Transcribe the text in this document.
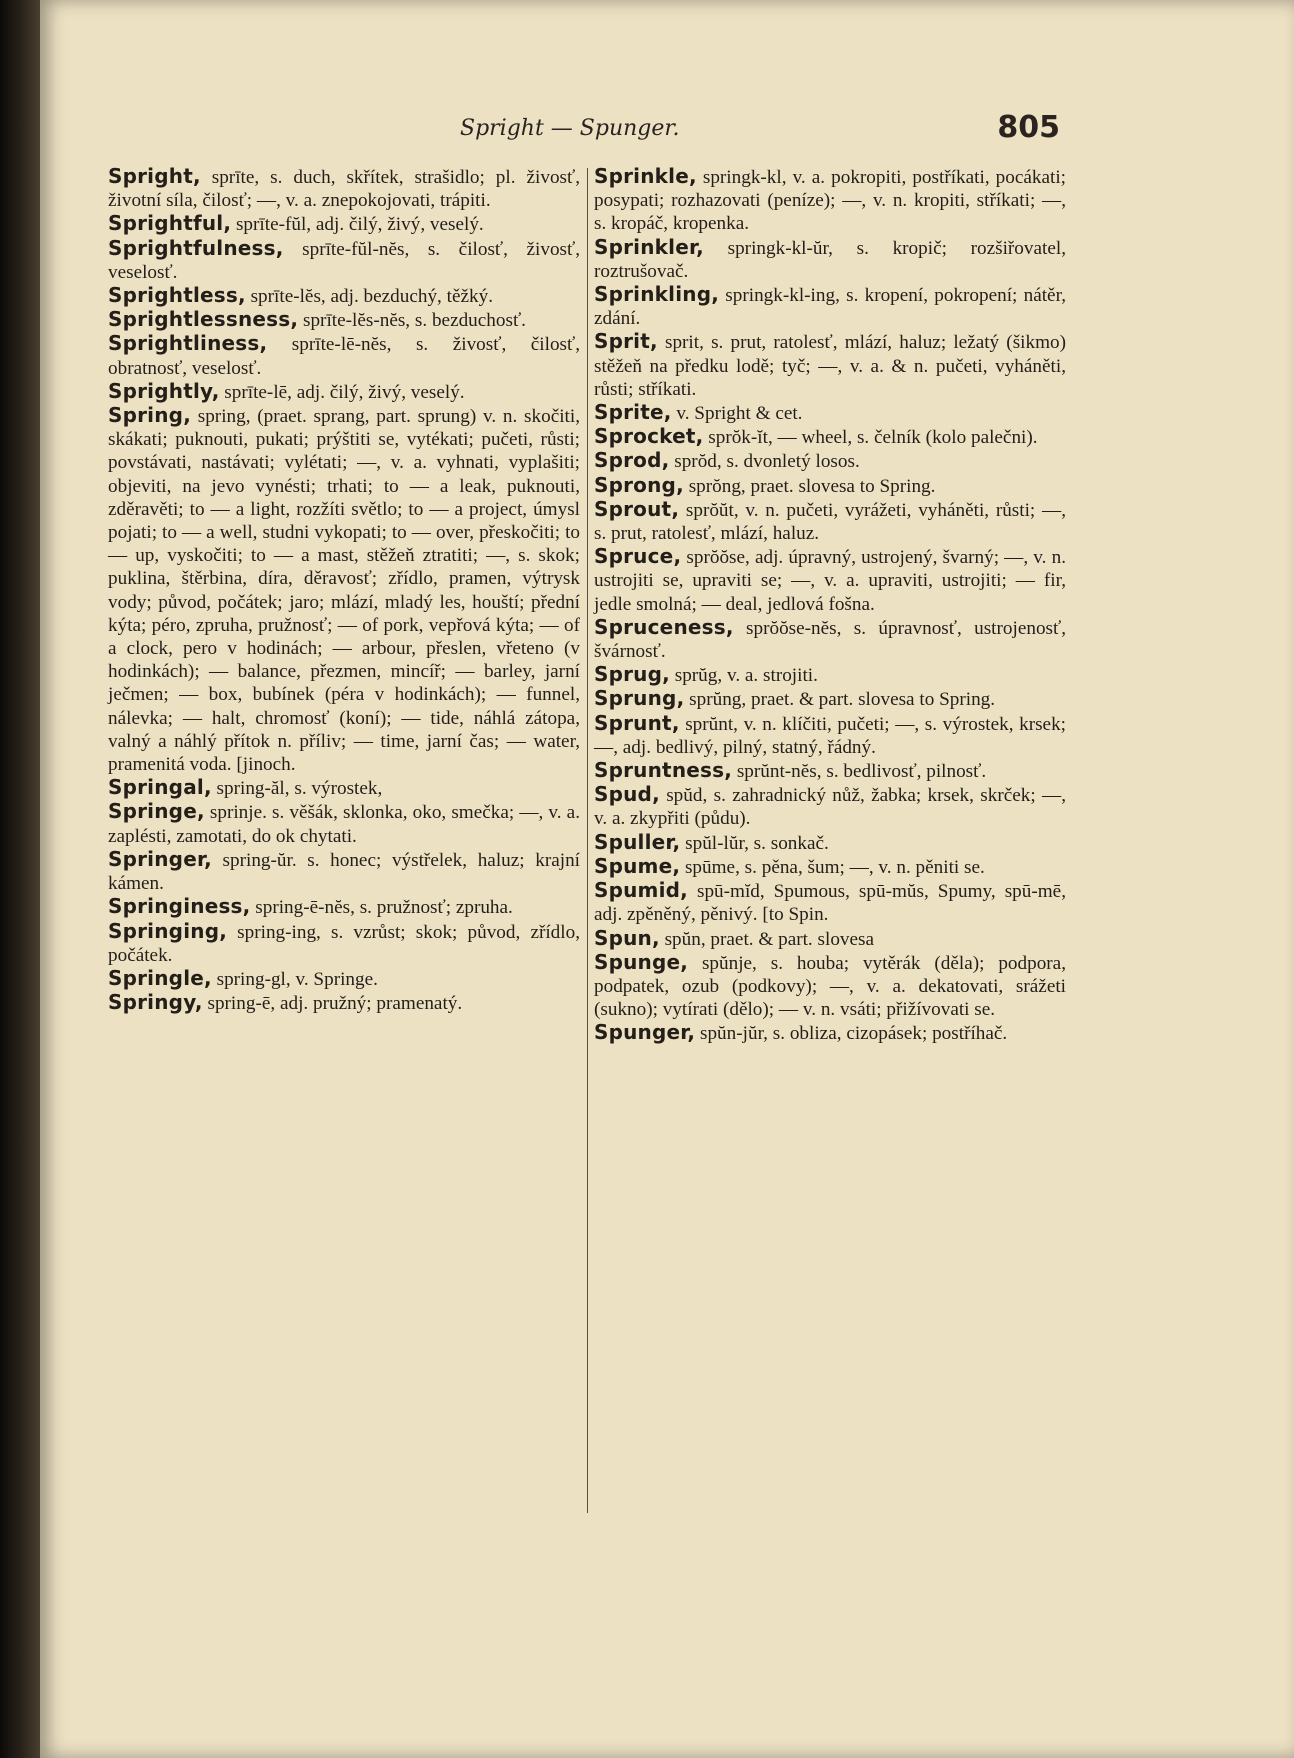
Spright — Spunger.	805

Spright, sprīte, s. duch, skřítek, strašidlo; pl. živosť, životní síla, čilosť; —, v. a. znepokojovati, trápiti.

Sprightful, sprīte-fŭl, adj. čilý, živý, veselý.

Sprightfulness, sprīte-fŭl-nĕs, s. čilosť, živosť, veselosť.

Sprightless, sprīte-lĕs, adj. bezduchý, těžký.

Sprightlessness, sprīte-lĕs-nĕs, s. bezduchosť.

Sprightliness, sprīte-lē-nĕs, s. živosť, čilosť, obratnosť, veselosť.

Sprightly, sprīte-lē, adj. čilý, živý, veselý.

Spring, spring, (praet. sprang, part. sprung) v. n. skočiti, skákati; puknouti, pukati; prýštiti se, vytékati; pučeti, růsti; povstávati, nastávati; vylétati; —, v. a. vyhnati, vyplašiti; objeviti, na jevo vynésti; trhati; to — a leak, puknouti, zděravěti; to — a light, rozžíti světlo; to — a project, úmysl pojati; to — a well, studni vykopati; to — over, přeskočiti; to — up, vyskočiti; to — a mast, stěžeň ztratiti; —, s. skok; puklina, štěrbina, díra, děravosť; zřídlo, pramen, výtrysk vody; původ, počátek; jaro; mlází, mladý les, houští; přední kýta; péro, zpruha, pružnosť; — of pork, vepřová kýta; — of a clock, pero v hodinách; — arbour, přeslen, vřeteno (v hodinkách); — balance, přezmen, mincíř; — barley, jarní ječmen; — box, bubínek (péra v hodinkách); — funnel, nálevka; — halt, chromosť (koní); — tide, náhlá zátopa, valný a náhlý přítok n. příliv; — time, jarní čas; — water, pramenitá voda. [jinoch.

Springal, spring-ăl, s. výrostek,

Springe, sprinje. s. věšák, sklonka, oko, smečka; —, v. a. zaplésti, zamotati, do ok chytati.

Springer, spring-ŭr. s. honec; výstřelek, haluz; krajní kámen.

Springiness, spring-ē-nĕs, s. pružnosť; zpruha.

Springing, spring-ing, s. vzrůst; skok; původ, zřídlo, počátek.

Springle, spring-gl, v. Springe.

Springy, spring-ē, adj. pružný; pramenatý.

Sprinkle, springk-kl, v. a. pokropiti, postříkati, pocákati; posypati; rozhazovati (peníze); —, v. n. kropiti, stříkati; —, s. kropáč, kropenka.

Sprinkler, springk-kl-ŭr, s. kropič; rozšiřovatel, roztrušovač.

Sprinkling, springk-kl-ing, s. kropení, pokropení; nátěr, zdání.

Sprit, sprit, s. prut, ratolesť, mlází, haluz; ležatý (šikmo) stěžeň na předku lodě; tyč; —, v. a. & n. pučeti, vyháněti, růsti; stříkati.

Sprite, v. Spright & cet.

Sprocket, sprŏk-ĭt, — wheel, s. čelník (kolo palečni).

Sprod, sprŏd, s. dvonletý losos.

Sprong, sprŏng, praet. slovesa to Spring.

Sprout, sprŏŭt, v. n. pučeti, vyrážeti, vyháněti, růsti; —, s. prut, ratolesť, mlází, haluz.

Spruce, sprŏŏse, adj. úpravný, ustrojený, švarný; —, v. n. ustrojiti se, upraviti se; —, v. a. upraviti, ustrojiti; — fir, jedle smolná; — deal, jedlová fošna.

Spruceness, sprŏŏse-nĕs, s. úpravnosť, ustrojenosť, švárnosť.

Sprug, sprŭg, v. a. strojiti.

Sprung, sprŭng, praet. & part. slovesa to Spring.

Sprunt, sprŭnt, v. n. klíčiti, pučeti; —, s. výrostek, krsek; —, adj. bedlivý, pilný, statný, řádný.

Spruntness, sprŭnt-nĕs, s. bedlivosť, pilnosť.

Spud, spŭd, s. zahradnický nůž, žabka; krsek, skrček; —, v. a. zkypřiti (půdu).

Spuller, spŭl-lŭr, s. sonkač.

Spume, spūme, s. pěna, šum; —, v. n. pěniti se.

Spumid, spū-mĭd, Spumous, spū-mŭs, Spumy, spū-mē, adj. zpěněný, pěnivý. [to Spin.

Spun, spŭn, praet. & part. slovesa

Spunge, spŭnje, s. houba; vytěrák (děla); podpora, podpatek, ozub (podkovy); —, v. a. dekatovati, srážeti (sukno); vytírati (dělo); — v. n. vsáti; přižívovati se.

Spunger, spŭn-jŭr, s. obliza, cizopásek; postříhač.
